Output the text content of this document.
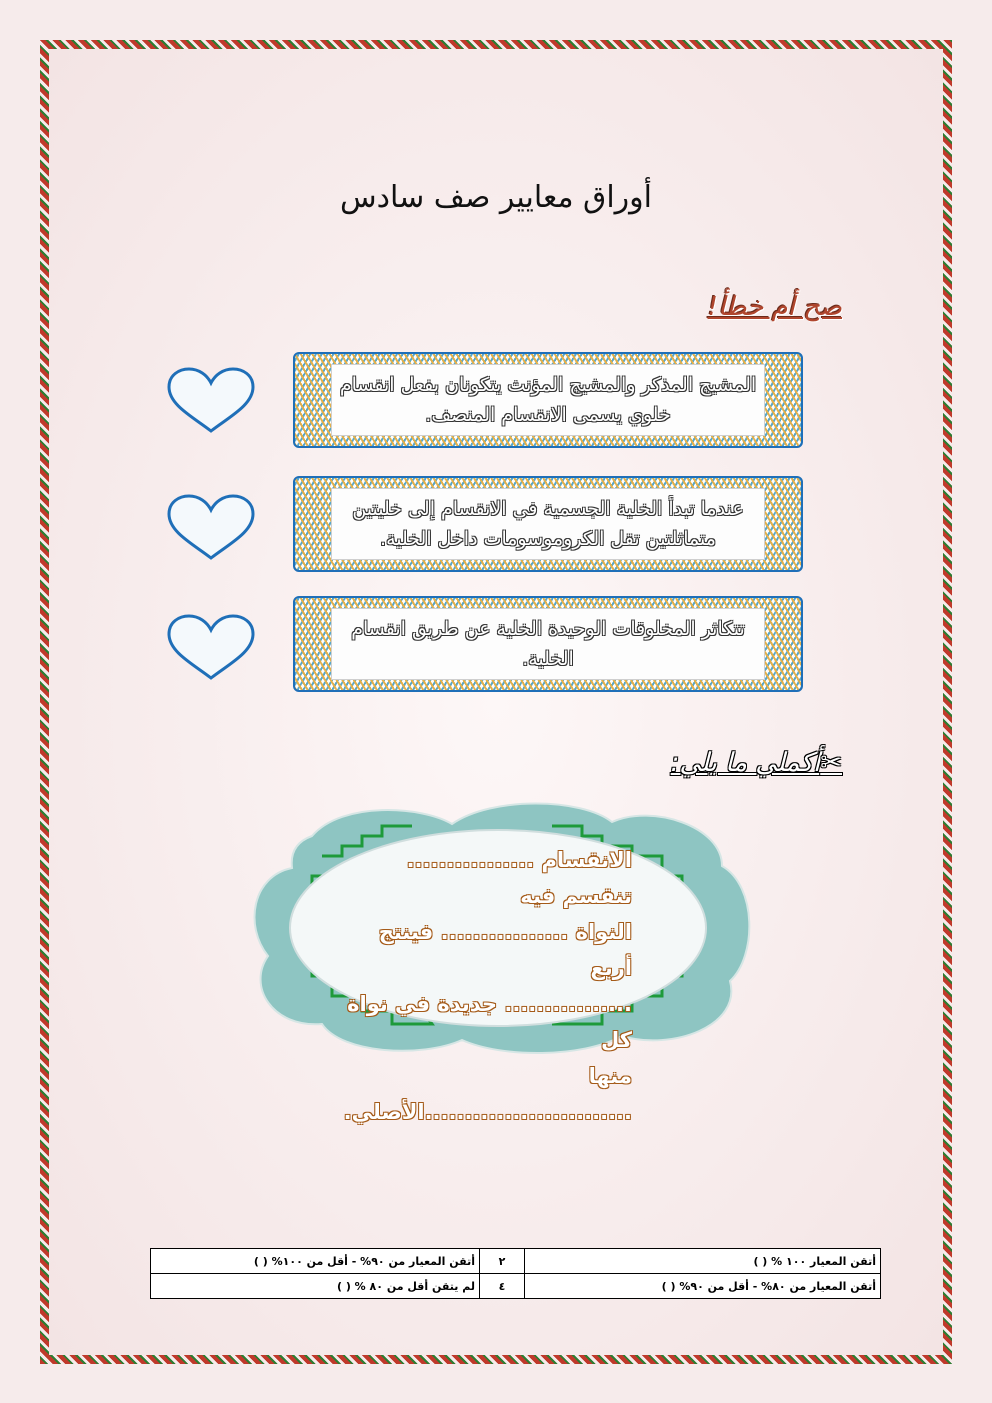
أوراق معايير صف سادس
صح أم خطأ!
المشيج المذكر والمشيج المؤنث يتكونان بفعل انقسام خلوي يسمى الانقسام المنصف.
عندما تبدأ الخلية الجسمية في الانقسام إلى خليتين متماثلتين تقل الكروموسومات داخل الخلية.
تتكاثر المخلوقات الوحيدة الخلية عن طريق انقسام الخلية.
✂أكملي ما يلي:
الانقسام ................ تنقسم فيه
النواة ................ فينتج أربع
................ جديدة في نواة كل
منها ..........................الأصلي.
أتقن المعيار ١٠٠ % ( )	٢	أتقن المعيار من ٩٠% - أقل من ١٠٠% ( )
أتقن المعيار من ٨٠% - أقل من ٩٠% ( )	٤	لم يتقن أقل من ٨٠ % ( )
